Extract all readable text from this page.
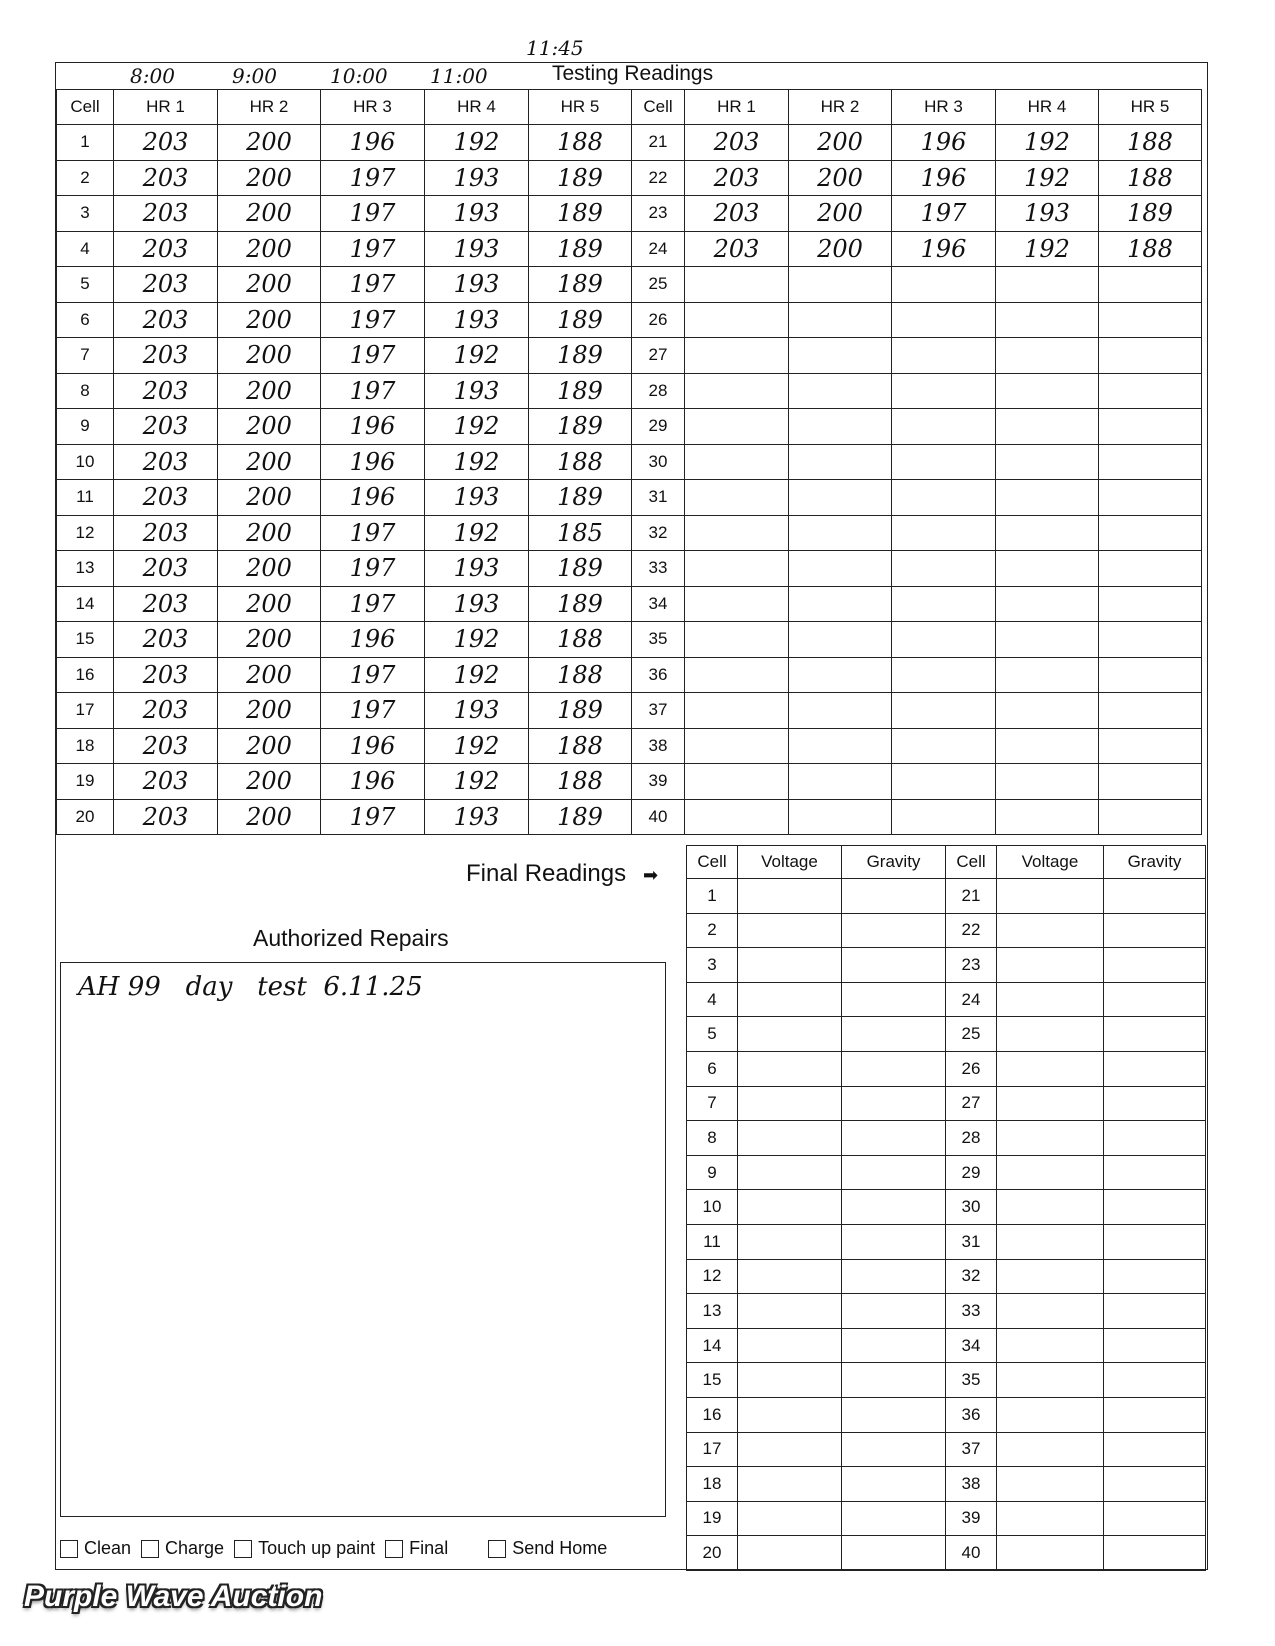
8:00	9:00	10:00 11:00
11:45
Testing Readings
Cell	HR 1	HR 2	HR 3	HR 4	HR 5	Cell	HR 1	HR 2	HR 3	HR 4	HR 5
1	203	200	196	192	188	21	203	200	196	192	188
2	203	200	197	193	189	22	203	200	196	192	188
3	203	200	197	193	189	23	203	200	197	193	189
4	203	200	197	193	189	24	203	200	196	192	188
5	203	200	197	193	189	25					
6	203	200	197	193	189	26					
7	203	200	197	192	189	27					
8	203	200	197	193	189	28					
9	203	200	196	192	189	29					
10	203	200	196	192	188	30					
11	203	200	196	193	189	31					
12	203	200	197	192	185	32					
13	203	200	197	193	189	33					
14	203	200	197	193	189	34					
15	203	200	196	192	188	35					
16	203	200	197	192	188	36					
17	203	200	197	193	189	37					
18	203	200	196	192	188	38					
19	203	200	196	192	188	39					
20	203	200	197	193	189	40					
Final Readings ➡
Cell	Voltage	Gravity	Cell	Voltage	Gravity
1			21		
2			22		
3			23		
4			24		
5			25		
6			26		
7			27		
8			28		
9			29		
10			30		
11			31		
12			32		
13			33		
14			34		
15			35		
16			36		
17			37		
18			38		
19			39		
20			40		
Authorized Repairs
AH 99   day   test  6.11.25
Clean Charge Touch up paint Final	Send Home
Purple Wave Auction
